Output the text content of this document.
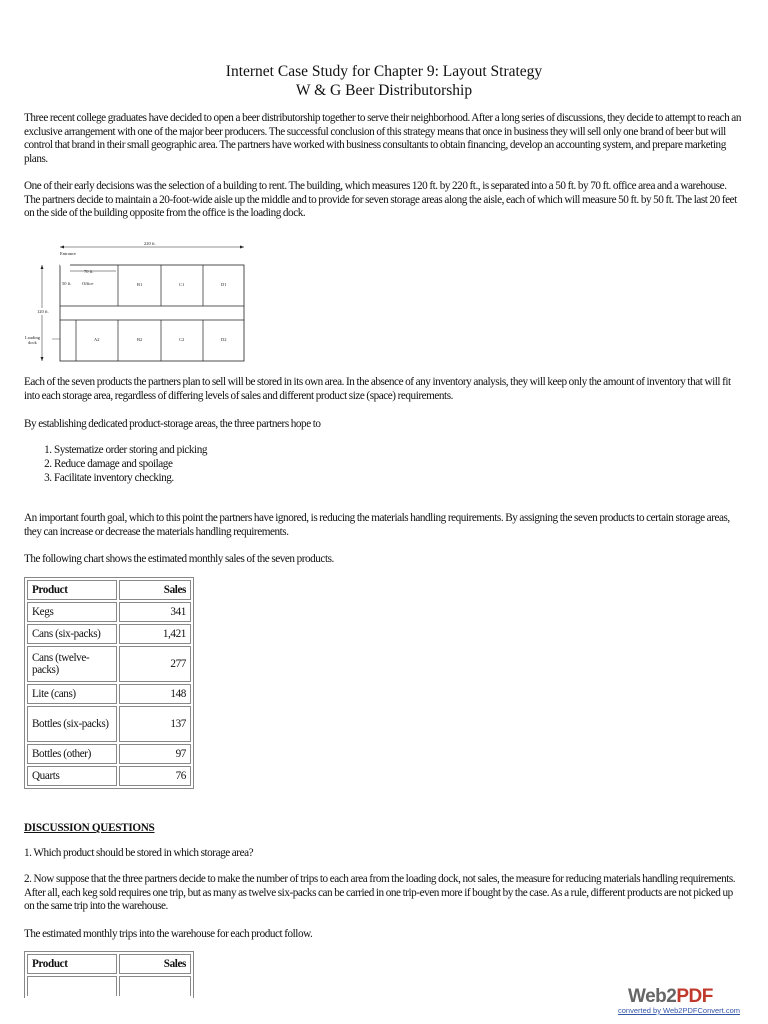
Internet Case Study for Chapter 9: Layout Strategy
W & G Beer Distributorship

Three recent college graduates have decided to open a beer distributorship together to serve their neighborhood. After a long series of discussions, they decide to attempt to reach an exclusive arrangement with one of the major beer producers. The successful conclusion of this strategy means that once in business they will sell only one brand of beer but will control that brand in their small geographic area. The partners have worked with business consultants to obtain financing, develop an accounting system, and prepare marketing plans.

One of their early decisions was the selection of a building to rent. The building, which measures 120 ft. by 220 ft., is separated into a 50 ft. by 70 ft. office area and a warehouse. The partners decide to maintain a 20-foot-wide aisle up the middle and to provide for seven storage areas along the aisle, each of which will measure 50 ft. by 50 ft. The last 20 feet on the side of the building opposite from the office is the loading dock.

220 ft.
Entrance
70 ft.
50 ft. Office	B1	C1	D1
A2	B2	C2	D2
120 ft.
Loading
dock

Each of the seven products the partners plan to sell will be stored in its own area. In the absence of any inventory analysis, they will keep only the amount of inventory that will fit into each storage area, regardless of differing levels of sales and different product size (space) requirements.

By establishing dedicated product-storage areas, the three partners hope to

1. Systematize order storing and picking
2. Reduce damage and spoilage
3. Facilitate inventory checking.

An important fourth goal, which to this point the partners have ignored, is reducing the materials handling requirements. By assigning the seven products to certain storage areas, they can increase or decrease the materials handling requirements.

The following chart shows the estimated monthly sales of the seven products.

Product	Sales
Kegs	341
Cans (six-packs)	1,421
Cans (twelve-packs)	277
Lite (cans)	148
Bottles (six-packs)	137
Bottles (other)	97
Quarts	76
DISCUSSION QUESTIONS

1. Which product should be stored in which storage area?

2. Now suppose that the three partners decide to make the number of trips to each area from the loading dock, not sales, the measure for reducing materials handling requirements. After all, each keg sold requires one trip, but as many as twelve six-packs can be carried in one trip-even more if bought by the case. As a rule, different products are not picked up on the same trip into the warehouse.

The estimated monthly trips into the warehouse for each product follow.

Product	Sales

Web2PDF
converted by Web2PDFConvert.com
